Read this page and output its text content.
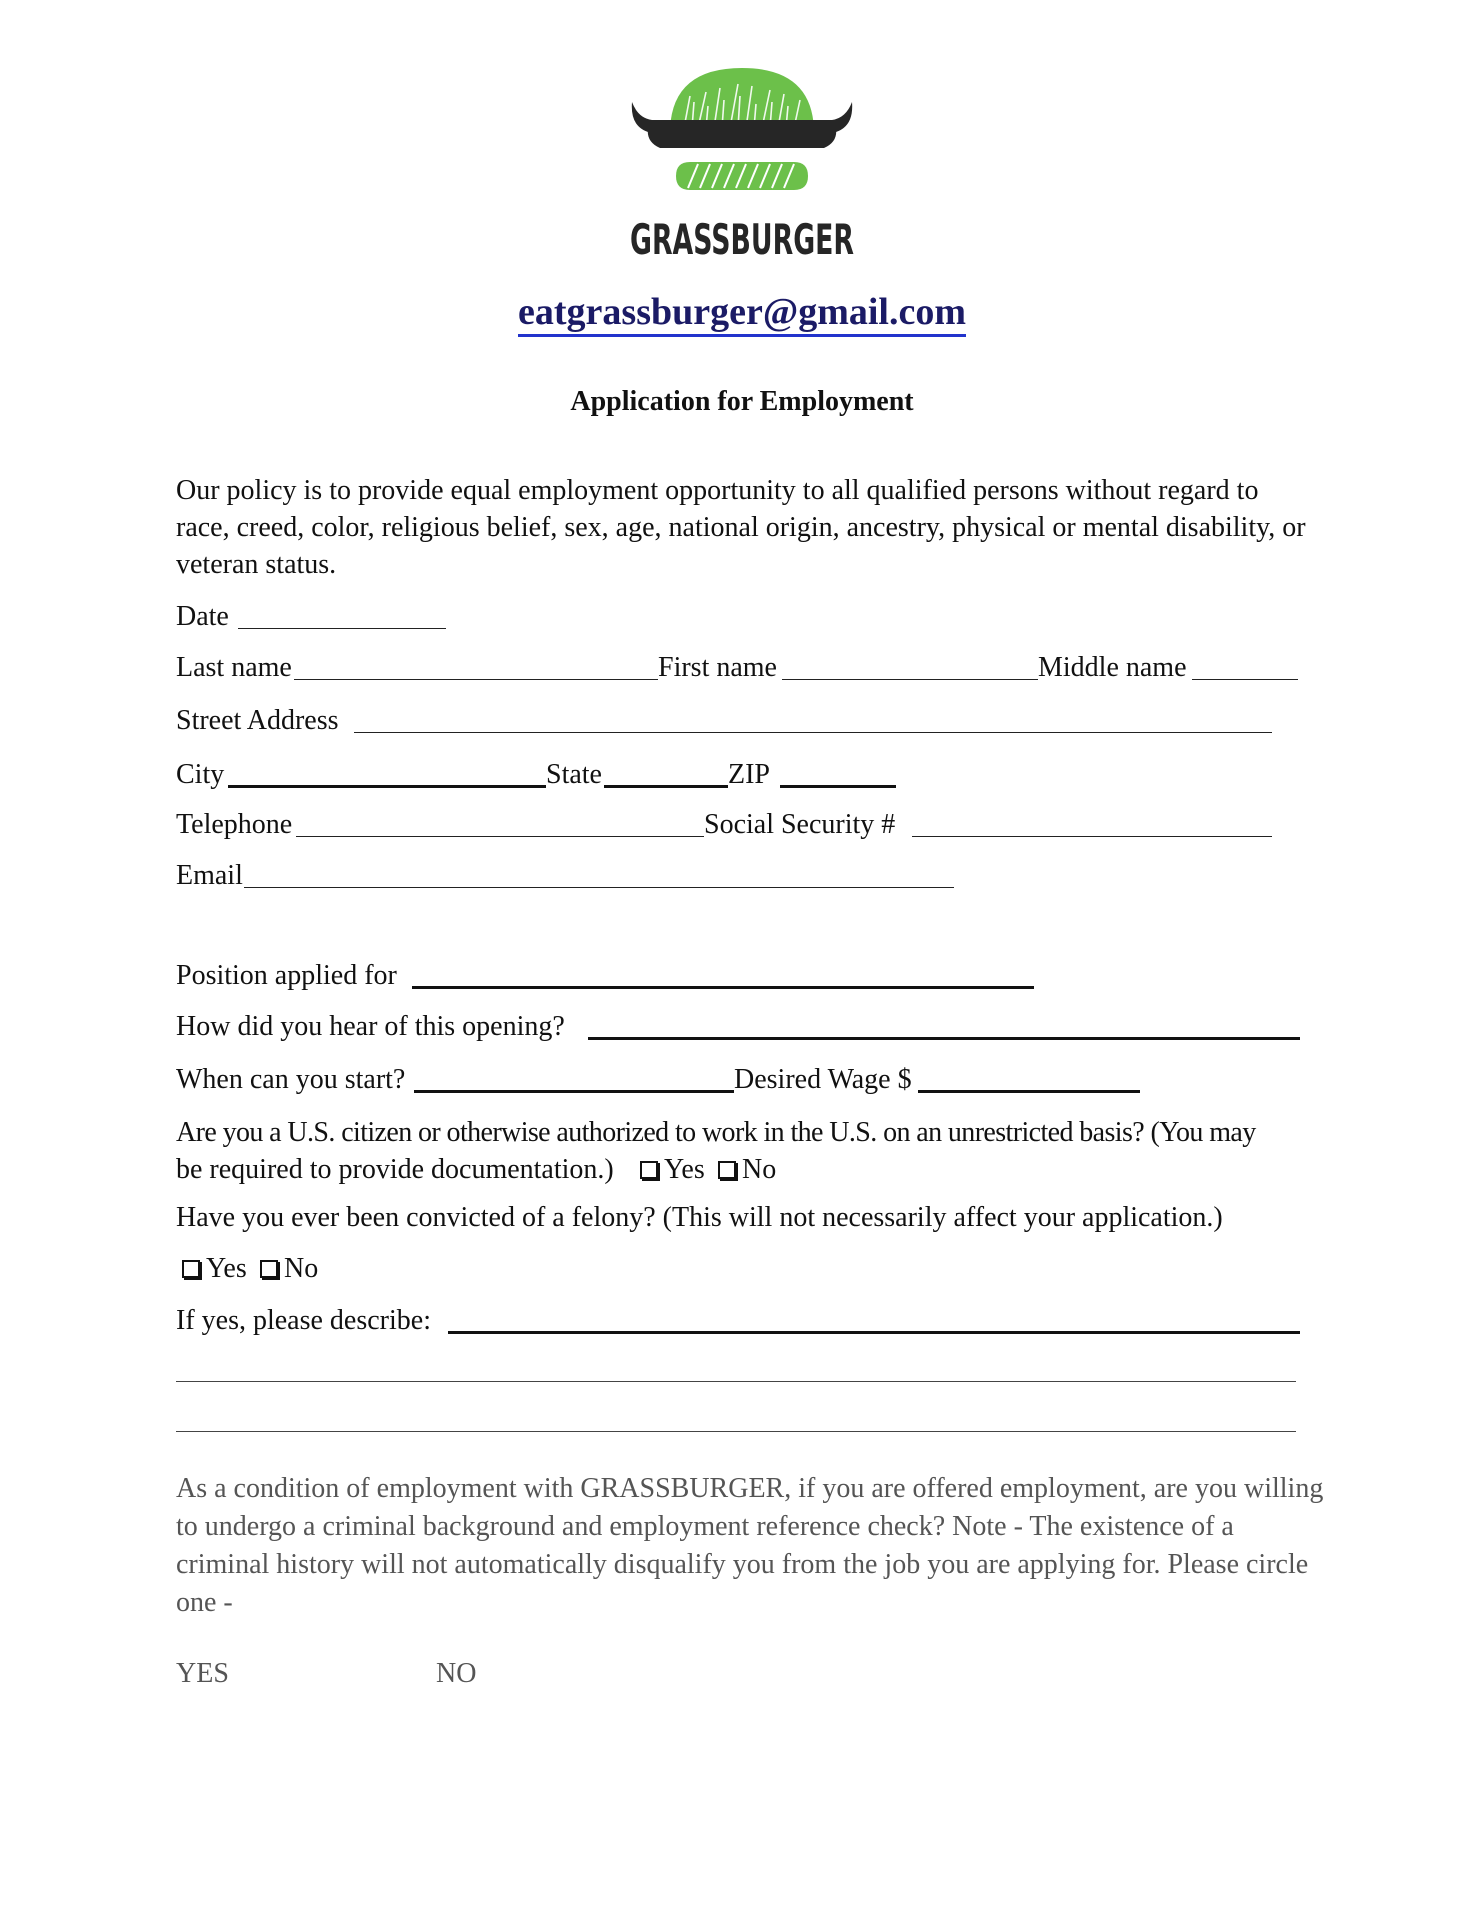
GRASSBURGER
eatgrassburger@gmail.com
Application for Employment
Our policy is to provide equal employment opportunity to all qualified persons without regard to race, creed, color, religious belief, sex, age, national origin, ancestry, physical or mental disability, or veteran status.
Date
Last name	First name	Middle name
Street Address
City	State	ZIP
Telephone	Social Security #
Email
Position applied for
How did you hear of this opening?
When can you start?	Desired Wage $
Are you a U.S. citizen or otherwise authorized to work in the U.S. on an unrestricted basis? (You may
be required to provide documentation.)	Yes	No
Have you ever been convicted of a felony? (This will not necessarily affect your application.)
Yes	No
If yes, please describe:
As a condition of employment with GRASSBURGER, if you are offered employment, are you willing to undergo a criminal background and employment reference check? Note - The existence of a criminal history will not automatically disqualify you from the job you are applying for. Please circle one -
YES	NO
